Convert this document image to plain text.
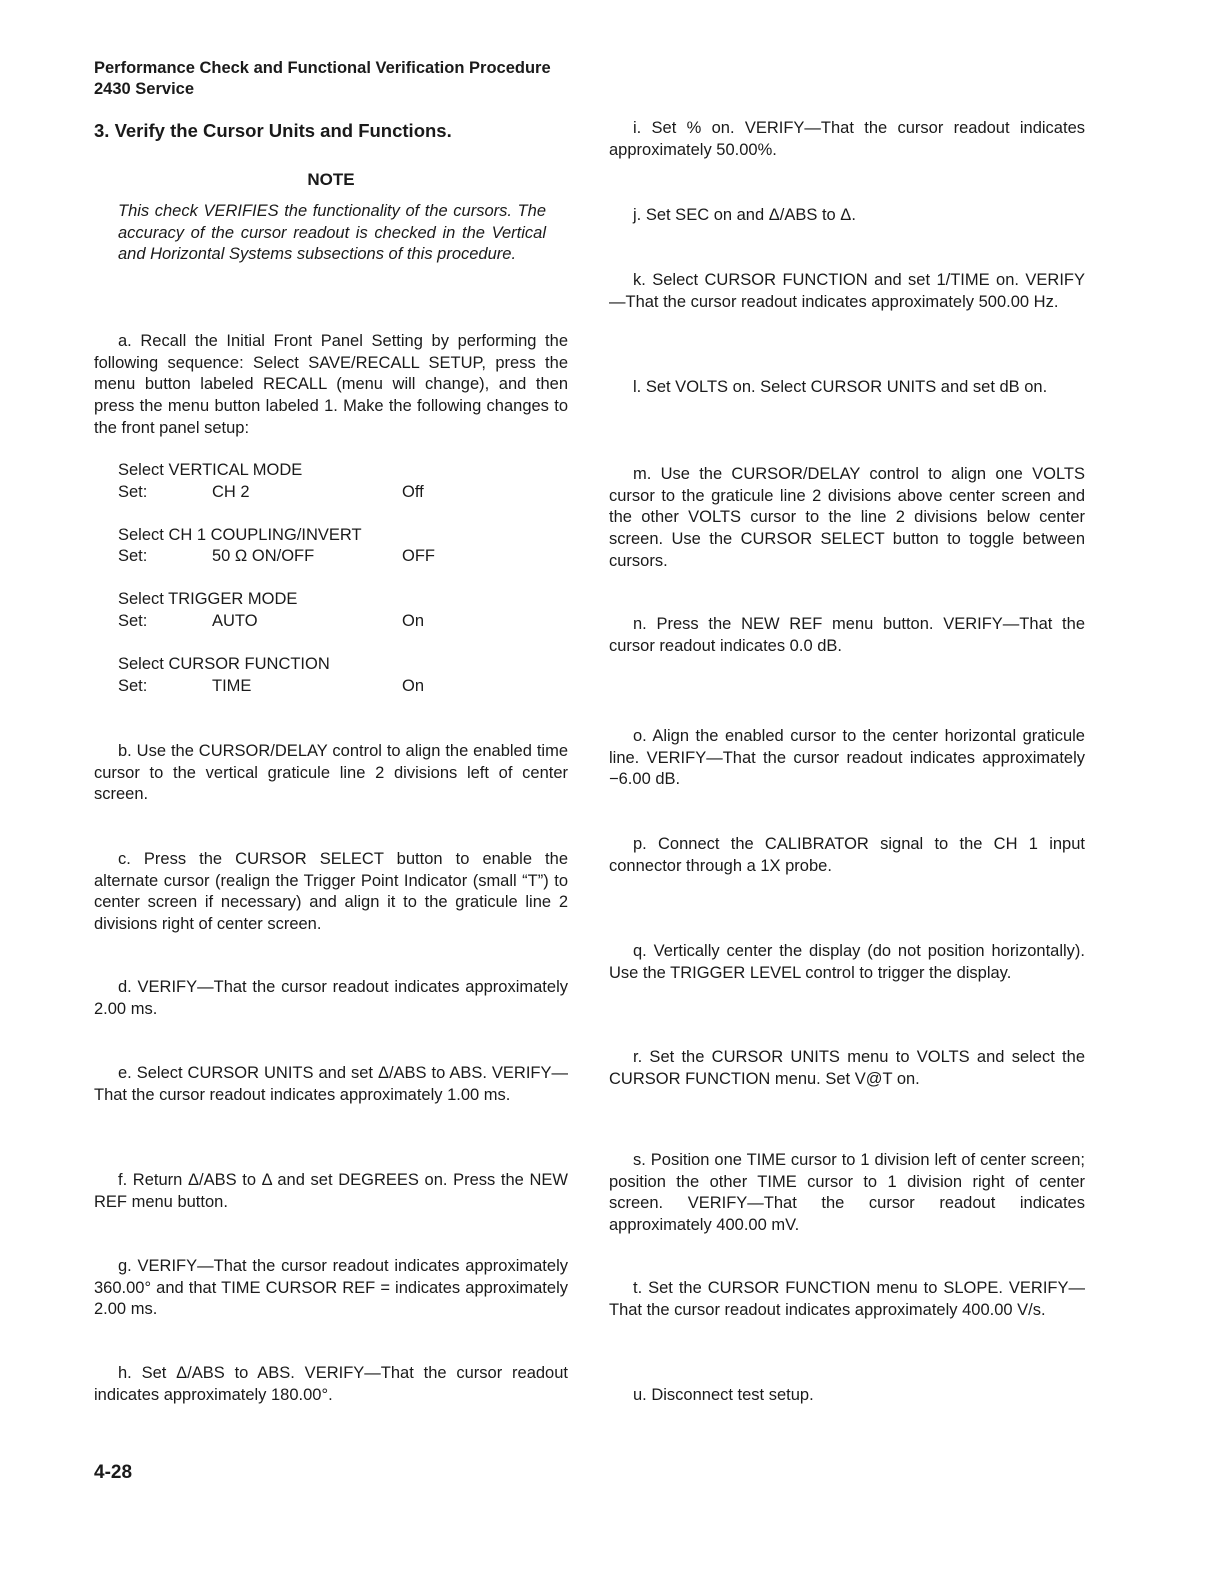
Performance Check and Functional Verification Procedure
2430 Service
3. Verify the Cursor Units and Functions.
NOTE
This check VERIFIES the functionality of the cursors. The accuracy of the cursor readout is checked in the Vertical and Horizontal Systems subsections of this procedure.
a. Recall the Initial Front Panel Setting by performing the following sequence: Select SAVE/RECALL SETUP, press the menu button labeled RECALL (menu will change), and then press the menu button labeled 1. Make the following changes to the front panel setup:
Select VERTICAL MODE
Set:	CH 2	Off
Select CH 1 COUPLING/INVERT
Set:	50 Ω ON/OFF	OFF
Select TRIGGER MODE
Set:	AUTO	On
Select CURSOR FUNCTION
Set:	TIME	On
b. Use the CURSOR/DELAY control to align the enabled time cursor to the vertical graticule line 2 divisions left of center screen.
c. Press the CURSOR SELECT button to enable the alternate cursor (realign the Trigger Point Indicator (small “T”) to center screen if necessary) and align it to the graticule line 2 divisions right of center screen.
d. VERIFY—That the cursor readout indicates approximately 2.00 ms.
e. Select CURSOR UNITS and set Δ/ABS to ABS. VERIFY—That the cursor readout indicates approximately 1.00 ms.
f. Return Δ/ABS to Δ and set DEGREES on. Press the NEW REF menu button.
g. VERIFY—That the cursor readout indicates approximately 360.00° and that TIME CURSOR REF = indicates approximately 2.00 ms.
h. Set Δ/ABS to ABS. VERIFY—That the cursor readout indicates approximately 180.00°.
i. Set % on. VERIFY—That the cursor readout indicates approximately 50.00%.
j. Set SEC on and Δ/ABS to Δ.
k. Select CURSOR FUNCTION and set 1/TIME on. VERIFY—That the cursor readout indicates approximately 500.00 Hz.
l. Set VOLTS on. Select CURSOR UNITS and set dB on.
m. Use the CURSOR/DELAY control to align one VOLTS cursor to the graticule line 2 divisions above center screen and the other VOLTS cursor to the line 2 divisions below center screen. Use the CURSOR SELECT button to toggle between cursors.
n. Press the NEW REF menu button. VERIFY—That the cursor readout indicates 0.0 dB.
o. Align the enabled cursor to the center horizontal graticule line. VERIFY—That the cursor readout indicates approximately −6.00 dB.
p. Connect the CALIBRATOR signal to the CH 1 input connector through a 1X probe.
q. Vertically center the display (do not position horizontally). Use the TRIGGER LEVEL control to trigger the display.
r. Set the CURSOR UNITS menu to VOLTS and select the CURSOR FUNCTION menu. Set V@T on.
s. Position one TIME cursor to 1 division left of center screen; position the other TIME cursor to 1 division right of center screen. VERIFY—That the cursor readout indicates approximately 400.00 mV.
t. Set the CURSOR FUNCTION menu to SLOPE. VERIFY—That the cursor readout indicates approximately 400.00 V/s.
u. Disconnect test setup.
4-28
